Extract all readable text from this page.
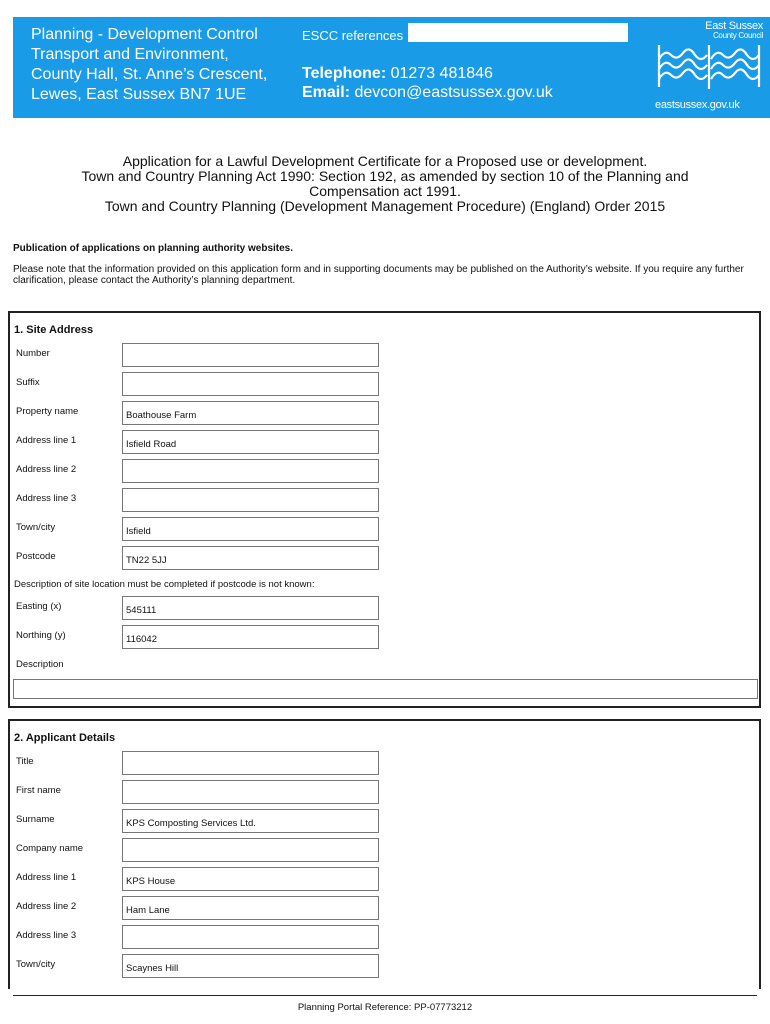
Planning - Development Control
Transport and Environment,
County Hall, St. Anne’s Crescent,
Lewes, East Sussex BN7 1UE
ESCC references
Telephone: 01273 481846
Email: devcon@eastsussex.gov.uk
East Sussex
County Council
eastsussex.gov.uk
Application for a Lawful Development Certificate for a Proposed use or development.
Town and Country Planning Act 1990: Section 192, as amended by section 10 of the Planning and
Compensation act 1991.
Town and Country Planning (Development Management Procedure) (England) Order 2015
Publication of applications on planning authority websites.
Please note that the information provided on this application form and in supporting documents may be published on the Authority’s website. If you require any further clarification, please contact the Authority’s planning department.
1. Site Address
Number
Suffix
Property name	Boathouse Farm
Address line 1	Isfield Road
Address line 2
Address line 3
Town/city	Isfield
Postcode	TN22 5JJ
Description of site location must be completed if postcode is not known:
Easting (x)	545111
Northing (y)	116042
Description
2. Applicant Details
Title
First name
Surname	KPS Composting Services Ltd.
Company name
Address line 1	KPS House
Address line 2	Ham Lane
Address line 3
Town/city	Scaynes Hill
Planning Portal Reference: PP-07773212
